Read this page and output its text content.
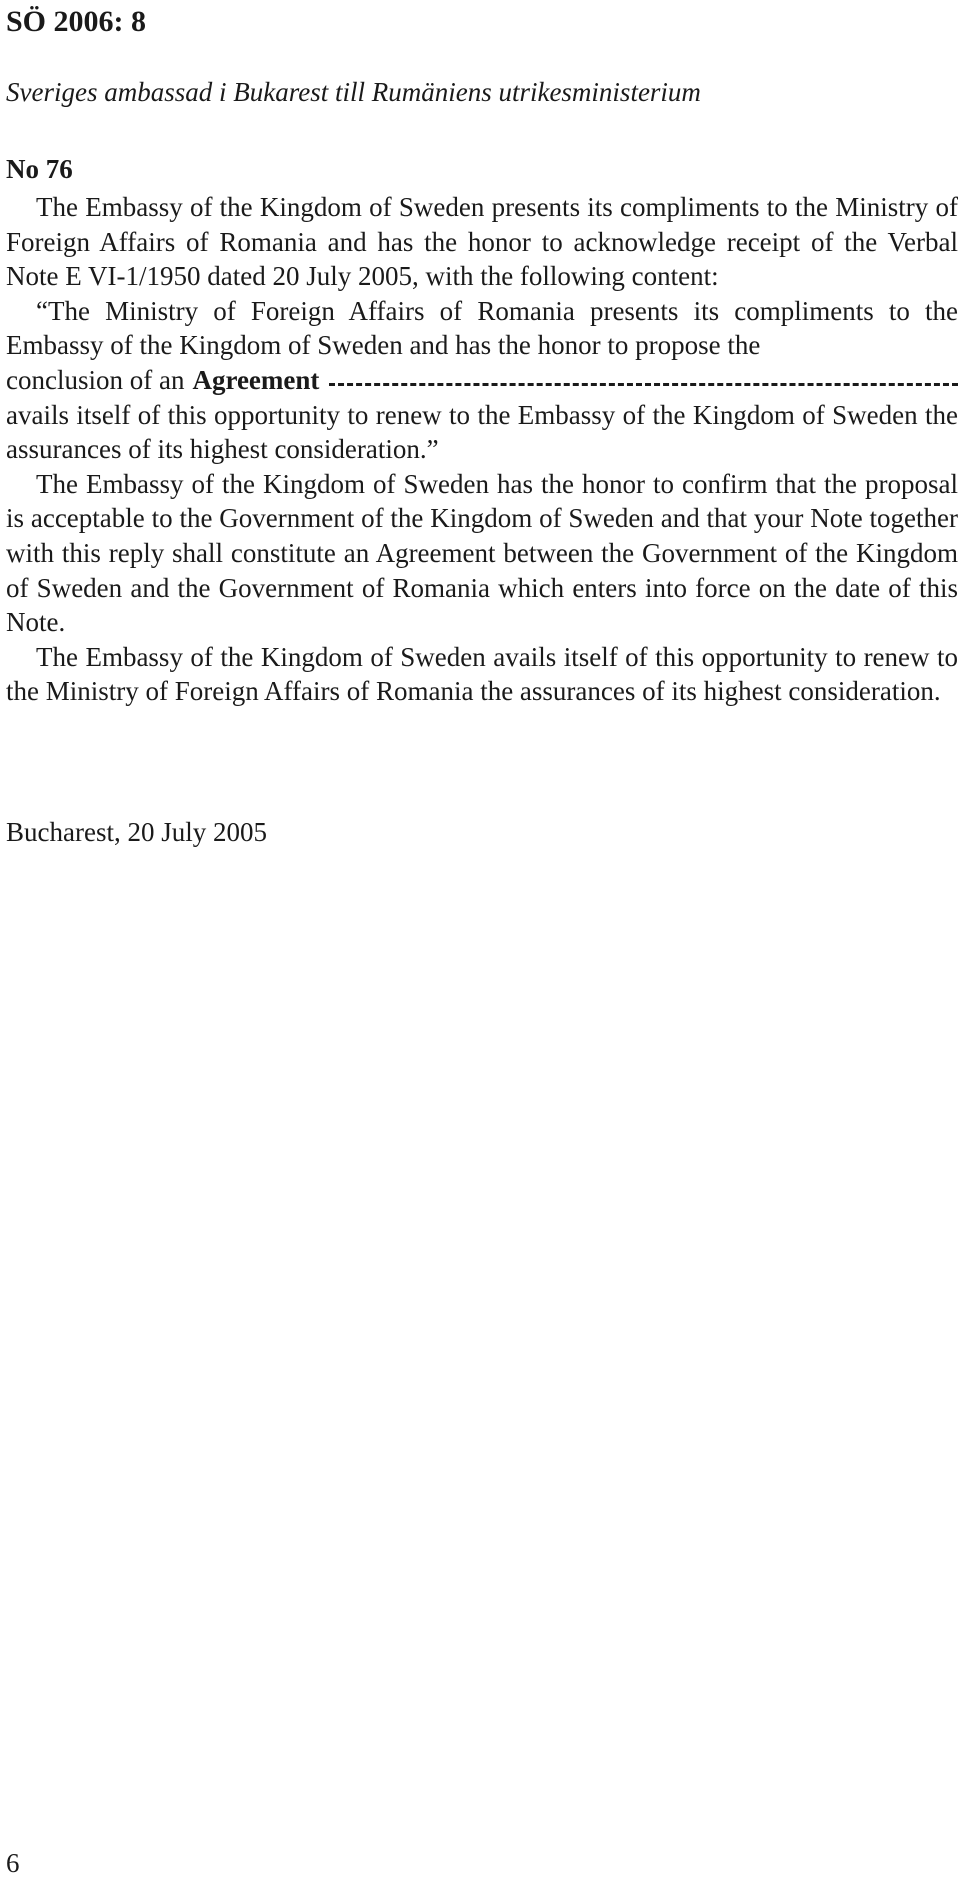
SÖ 2006: 8

Sveriges ambassad i Bukarest till Rumäniens utrikesministerium

No 76

The Embassy of the Kingdom of Sweden presents its compliments to the Ministry of Foreign Affairs of Romania and has the honor to acknowledge receipt of the Verbal Note E VI-1/1950 dated 20 July 2005, with the following content:

“The Ministry of Foreign Affairs of Romania presents its compliments to the Embassy of the Kingdom of Sweden and has the honor to propose the

conclusion of an Agreement

avails itself of this opportunity to renew to the Embassy of the Kingdom of Sweden the assurances of its highest consideration.”

The Embassy of the Kingdom of Sweden has the honor to confirm that the proposal is acceptable to the Government of the Kingdom of Sweden and that your Note together with this reply shall constitute an Agreement between the Government of the Kingdom of Sweden and the Government of Romania which enters into force on the date of this Note.

The Embassy of the Kingdom of Sweden avails itself of this opportunity to renew to the Ministry of Foreign Affairs of Romania the assurances of its highest consideration.

Bucharest, 20 July 2005

6
